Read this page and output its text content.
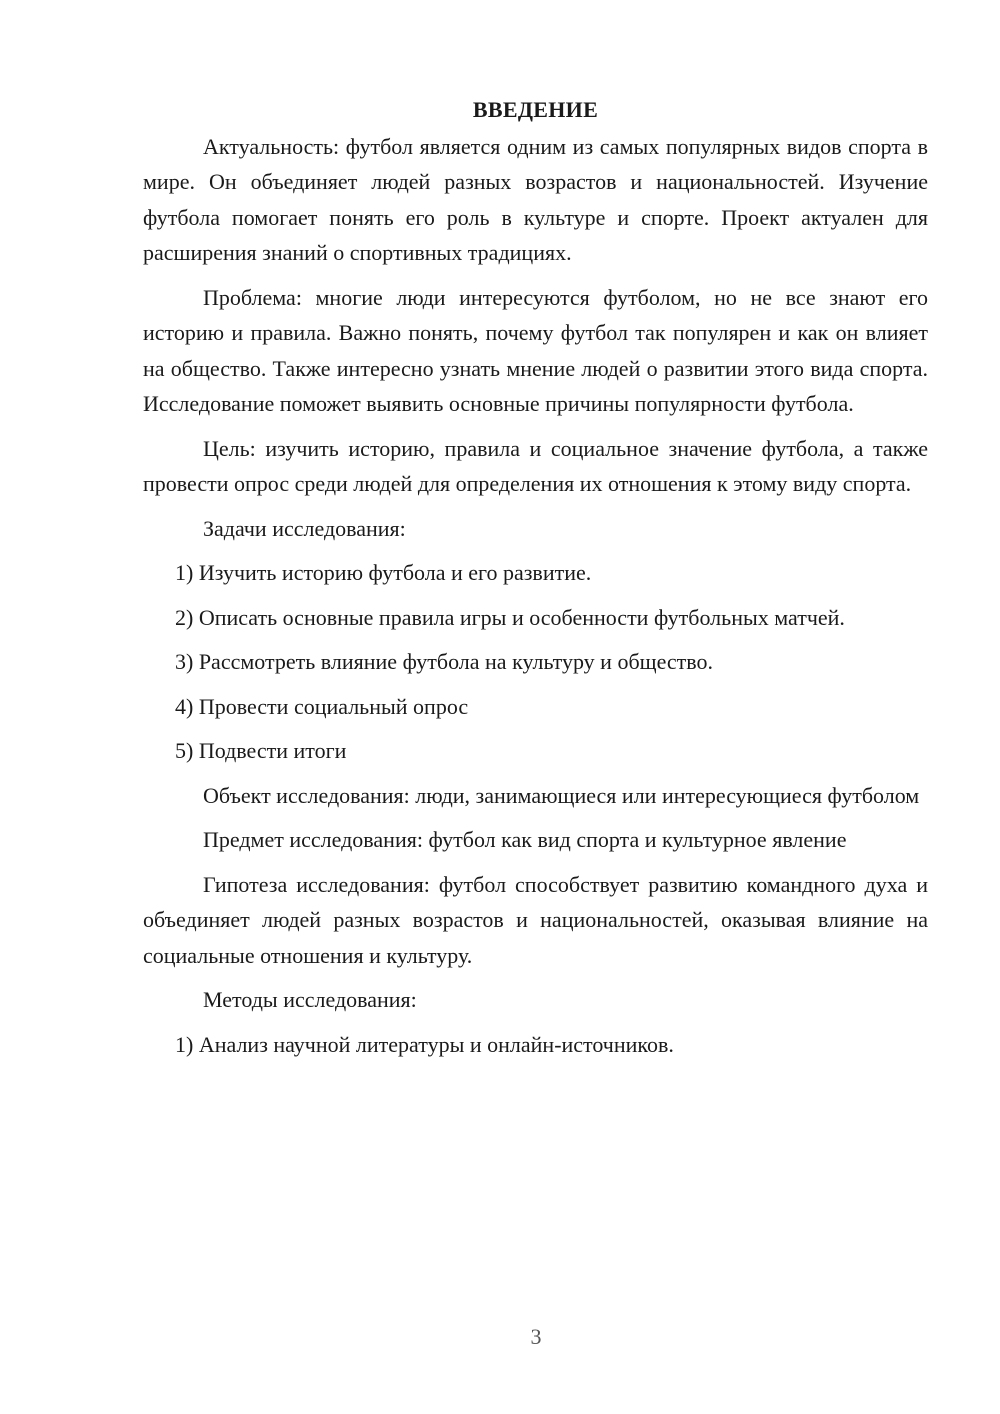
ВВЕДЕНИЕ

Актуальность: футбол является одним из самых популярных видов спорта в мире. Он объединяет людей разных возрастов и национальностей. Изучение футбола помогает понять его роль в культуре и спорте. Проект актуален для расширения знаний о спортивных традициях.

Проблема: многие люди интересуются футболом, но не все знают его историю и правила. Важно понять, почему футбол так популярен и как он влияет на общество. Также интересно узнать мнение людей о развитии этого вида спорта. Исследование поможет выявить основные причины популярности футбола.

Цель: изучить историю, правила и социальное значение футбола, а также провести опрос среди людей для определения их отношения к этому виду спорта.

Задачи исследования:

1) Изучить историю футбола и его развитие.

2) Описать основные правила игры и особенности футбольных матчей.

3) Рассмотреть влияние футбола на культуру и общество.

4) Провести социальный опрос

5) Подвести итоги

Объект исследования: люди, занимающиеся или интересующиеся футболом

Предмет исследования: футбол как вид спорта и культурное явление

Гипотеза исследования: футбол способствует развитию командного духа и объединяет людей разных возрастов и национальностей, оказывая влияние на социальные отношения и культуру.

Методы исследования:

1) Анализ научной литературы и онлайн-источников.

3
